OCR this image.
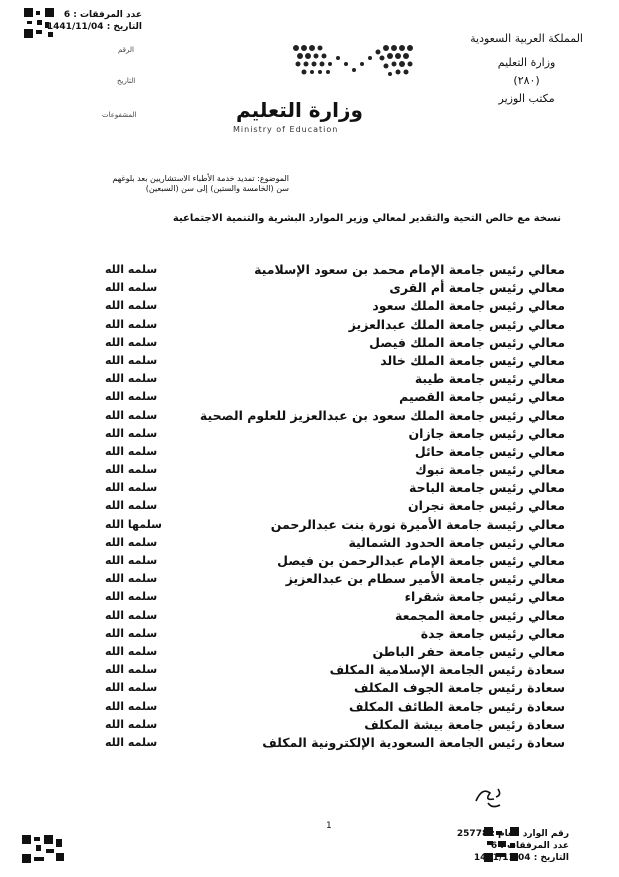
عدد المرفقات : 6
التاريخ : 1441/11/04
الرقم
التاريخ
المشفوعات	وزارة التعليم
Ministry of Education
المملكة العربية السعودية
وزارة التعليم
(٢٨٠)
مكتب الوزير
الموضوع: تمديد خدمة الأطباء الاستشاريين بعد بلوغهم
سن (الخامسة والستين) إلى سن (السبعين)
نسخة مع خالص التحية والتقدير لمعالي وزير الموارد البشرية والتنمية الاجتماعية
معالي رئيس جامعة الإمام محمد بن سعود الإسلامية
سلمه الله
معالي رئيس جامعة أم القرى
سلمه الله
معالي رئيس جامعة الملك سعود
سلمه الله
معالي رئيس جامعة الملك عبدالعزيز
سلمه الله
معالي رئيس جامعة الملك فيصل
سلمه الله
معالي رئيس جامعة الملك خالد
سلمه الله
معالي رئيس جامعة طيبة
سلمه الله
معالي رئيس جامعة القصيم
سلمه الله
معالي رئيس جامعة الملك سعود بن عبدالعزيز للعلوم الصحية
سلمه الله
معالي رئيس جامعة جازان
سلمه الله
معالي رئيس جامعة حائل
سلمه الله
معالي رئيس جامعة تبوك
سلمه الله
معالي رئيس جامعة الباحة
سلمه الله
معالي رئيس جامعة نجران
سلمه الله
معالي رئيسة جامعة الأميرة نورة بنت عبدالرحمن
سلمها الله
معالي رئيس جامعة الحدود الشمالية
سلمه الله
معالي رئيس جامعة الإمام عبدالرحمن بن فيصل
سلمه الله
معالي رئيس جامعة الأمير سطام بن عبدالعزيز
سلمه الله
معالي رئيس جامعة شقراء
سلمه الله
معالي رئيس جامعة المجمعة
سلمه الله
معالي رئيس جامعة جدة
سلمه الله
معالي رئيس جامعة حفر الباطن
سلمه الله
سعادة رئيس الجامعة الإسلامية المكلف
سلمه الله
سعادة رئيس جامعة الجوف المكلف
سلمه الله
سعادة رئيس جامعة الطائف المكلف
سلمه الله
سعادة رئيس جامعة بيشة المكلف
سلمه الله
سعادة رئيس الجامعة السعودية الإلكترونية المكلف
سلمه الله
1
رقم الوارد العام : 25778
عدد المرفقات : 6
التاريخ : 1441/11/04
